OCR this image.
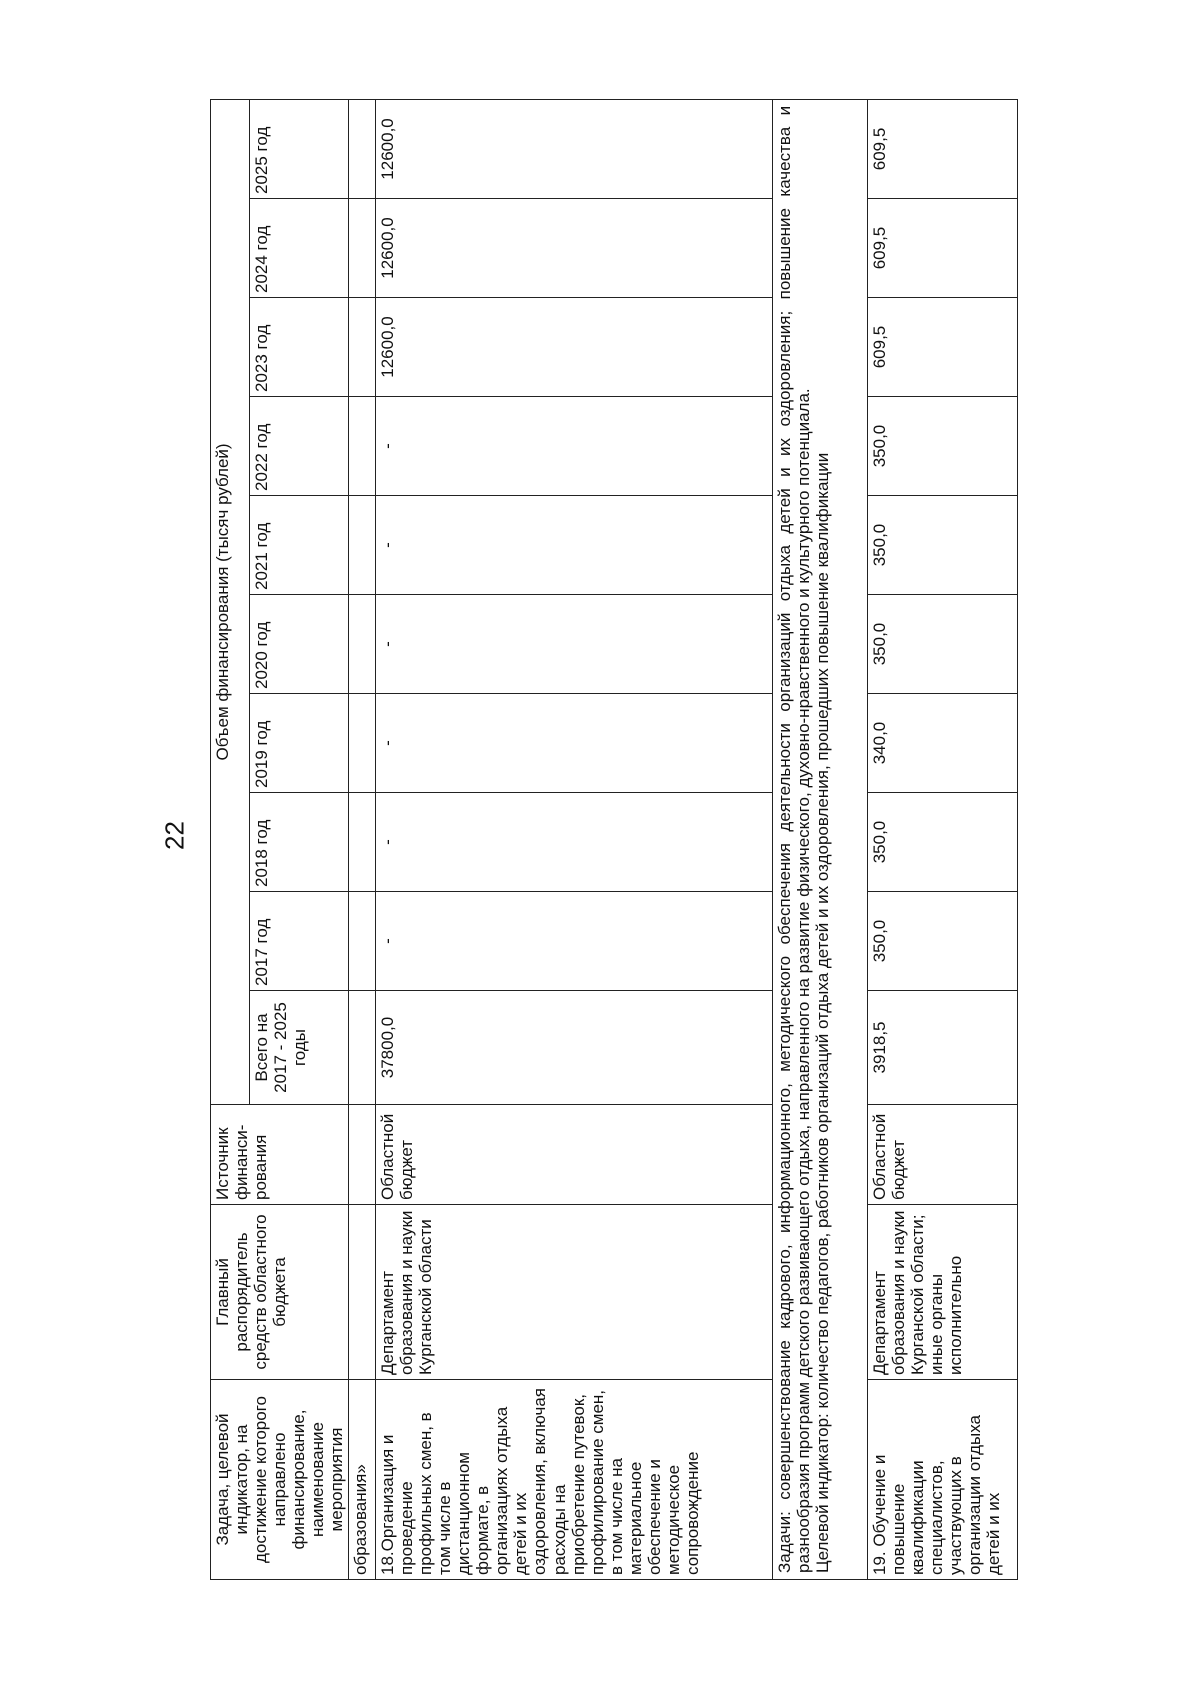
22
Задача, целевой индикатор, на достижение которого направлено финансирование, наименование мероприятия	Главный распорядитель средств областного бюджета	Источник финанси-рования	Объем финансирования (тысяч рублей)									
			Всего на 2017 - 2025 годы	2017 год	2018 год	2019 год	2020 год	2021 год	2022 год	2023 год	2024 год	2025 год
образования»												
18.Организация и проведение профильных смен, в том числе в дистанционном формате, в организациях отдыха детей и их оздоровления, включая расходы на приобретение путевок, профилирование смен, в том числе на материальное обеспечение и методическое сопровождение	Департамент образования и науки Курганской области	Областной бюджет	37800,0	-	-	-	-	-	-	12600,0	12600,0	12600,0

Задачи: совершенствование кадрового, информационного, методического обеспечения деятельности организаций отдыха детей и их оздоровления; повышение качества и разнообразия программ детского развивающего отдыха, направленного на развитие физического, духовно-нравственного и культурного потенциала. Целевой индикатор: количество педагогов, работников организаций отдыха детей и их оздоровления, прошедших повышение квалификации												

19. Обучение и повышение квалификации специалистов, участвующих в организации отдыха детей и их	Департамент образования и науки Курганской области; иные органы исполнительно	Областной бюджет	3918,5	350,0	350,0	340,0	350,0	350,0	350,0	609,5	609,5	609,5
